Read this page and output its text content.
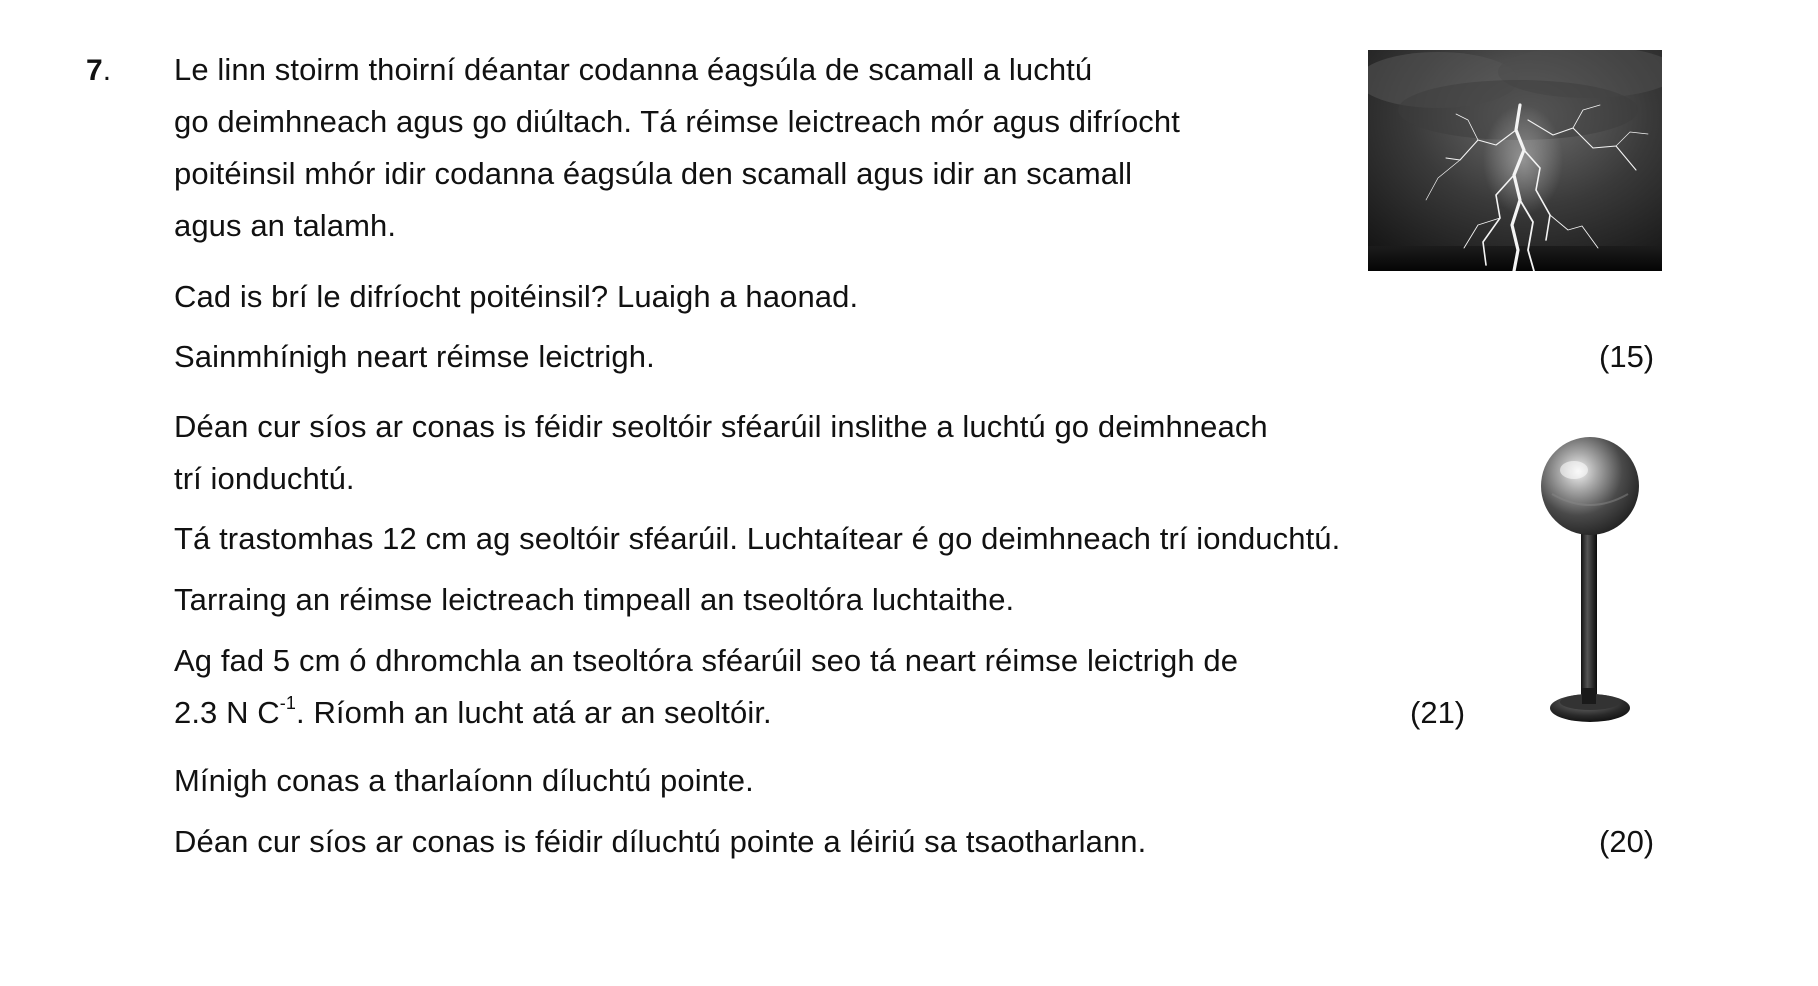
7. Le linn stoirm thoirní déantar codanna éagsúla de scamall a luchtú
go deimhneach agus go diúltach. Tá réimse leictreach mór agus difríocht
poitéinsil mhór idir codanna éagsúla den scamall agus idir an scamall
agus an talamh.
Cad is brí le difríocht poitéinsil? Luaigh a haonad.
Sainmhínigh neart réimse leictrigh.	(15)
Déan cur síos ar conas is féidir seoltóir sféarúil inslithe a luchtú go deimhneach
trí ionduchtú.
Tá trastomhas 12 cm ag seoltóir sféarúil. Luchtaítear é go deimhneach trí ionduchtú.
Tarraing an réimse leictreach timpeall an tseoltóra luchtaithe.
Ag fad 5 cm ó dhromchla an tseoltóra sféarúil seo tá neart réimse leictrigh de
2.3 N $C^{-1}$. Ríomh an lucht atá ar an seoltóir.	(21)
Mínigh conas a tharlaíonn díluchtú pointe.
Déan cur síos ar conas is féidir díluchtú pointe a léiriú sa tsaotharlann.	(20)
